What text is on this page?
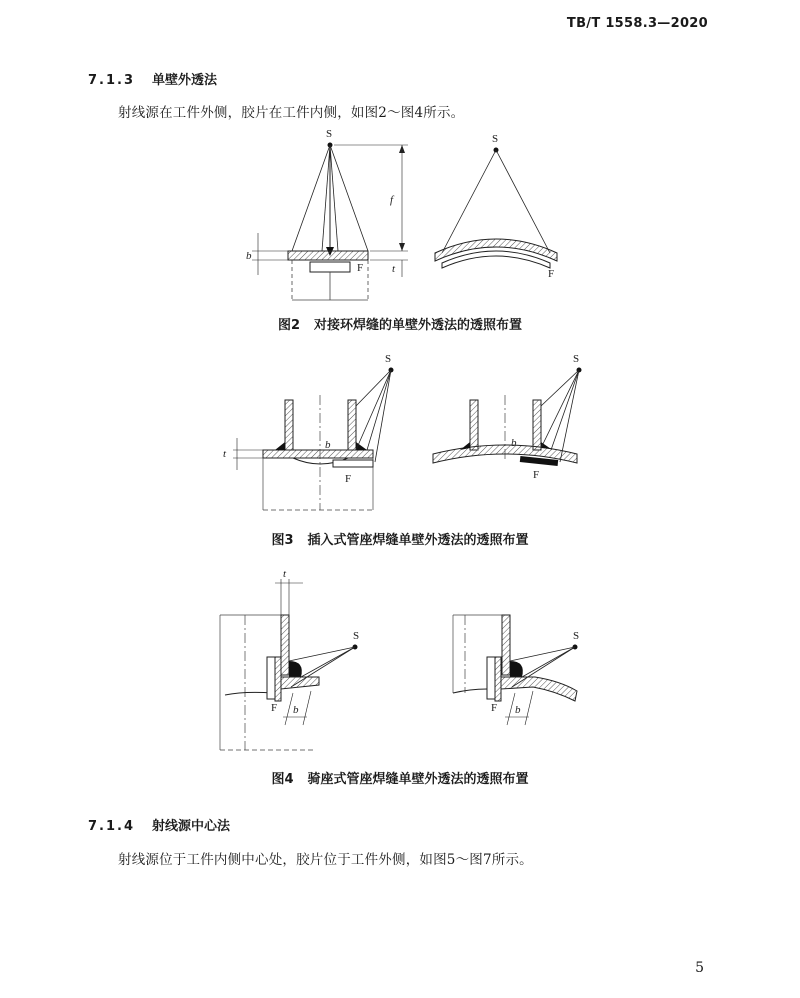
TB/T 1558.3—2020
7.1.3 单壁外透法
射线源在工件外侧，胶片在工件内侧，如图2～图4所示。
S
F
f
t
b
S
F
图2 对接环焊缝的单壁外透法的透照布置
S
F
t
b
S
F
b
图3 插入式管座焊缝单壁外透法的透照布置
t
F
S
b	F
S
b
图4 骑座式管座焊缝单壁外透法的透照布置
7.1.4 射线源中心法
射线源位于工件内侧中心处，胶片位于工件外侧，如图5～图7所示。
5
